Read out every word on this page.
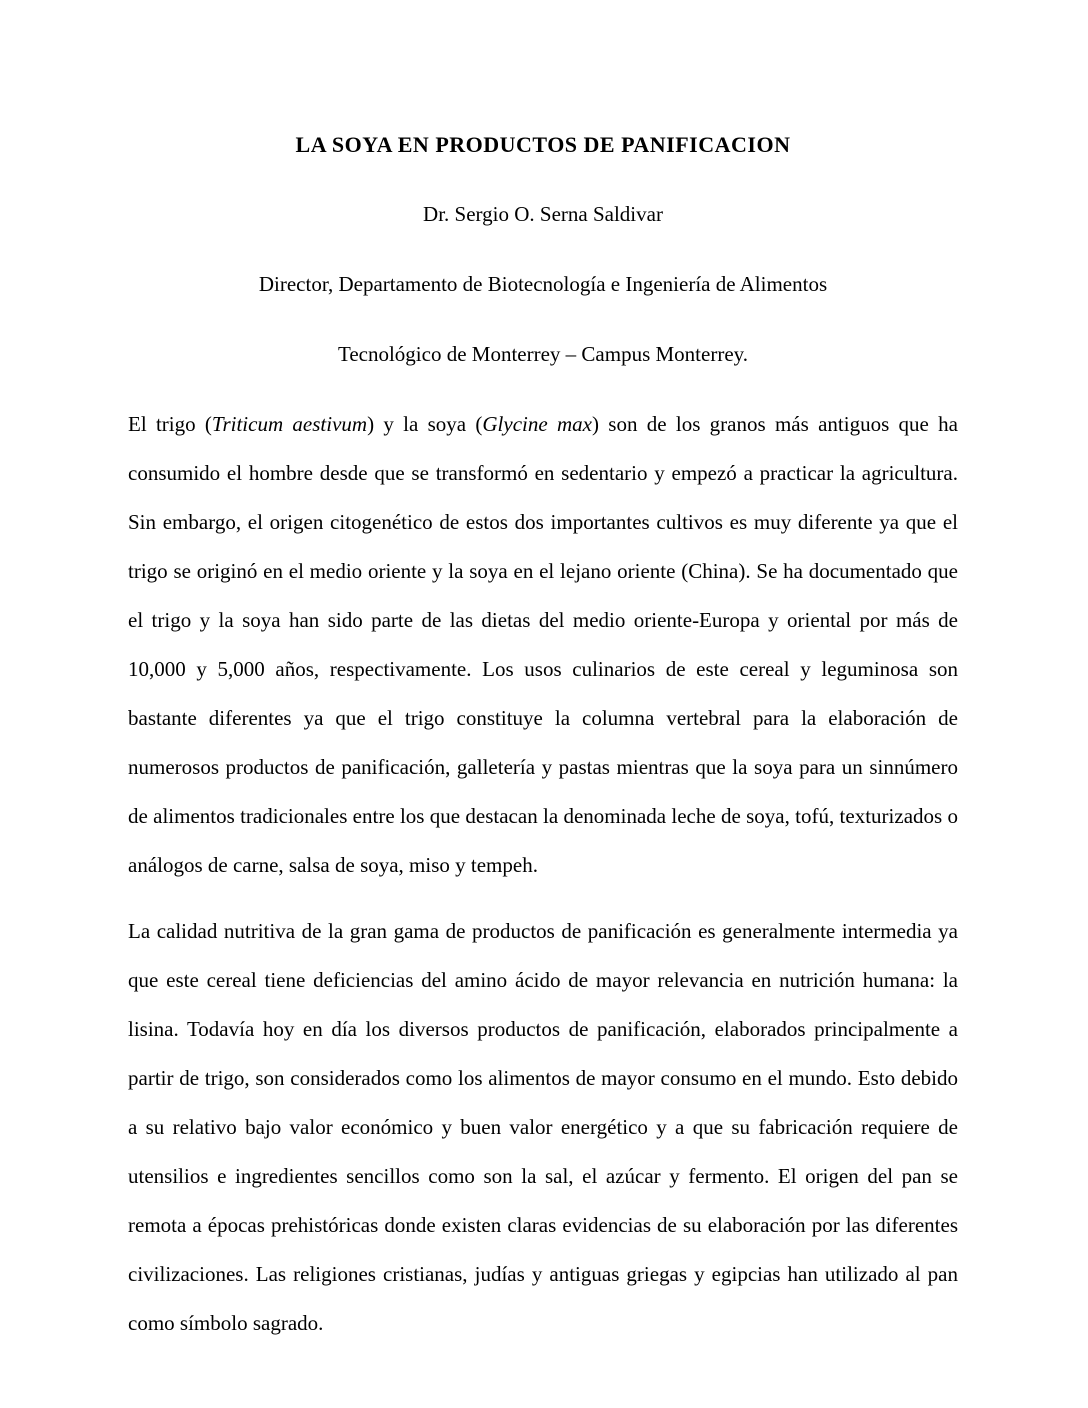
LA SOYA EN PRODUCTOS DE PANIFICACION

Dr. Sergio O. Serna Saldivar

Director, Departamento de Biotecnología e Ingeniería de Alimentos

Tecnológico de Monterrey – Campus Monterrey.

El trigo (Triticum aestivum) y la soya (Glycine max) son de los granos más antiguos que ha consumido el hombre desde que se transformó en sedentario y empezó a practicar la agricultura. Sin embargo, el origen citogenético de estos dos importantes cultivos es muy diferente ya que el trigo se originó en el medio oriente y la soya en el lejano oriente (China). Se ha documentado que el trigo y la soya han sido parte de las dietas del medio oriente-Europa y oriental por más de 10,000 y 5,000 años, respectivamente. Los usos culinarios de este cereal y leguminosa son bastante diferentes ya que el trigo constituye la columna vertebral para la elaboración de numerosos productos de panificación, galletería y pastas mientras que la soya para un sinnúmero de alimentos tradicionales entre los que destacan la denominada leche de soya, tofú, texturizados o análogos de carne, salsa de soya, miso y tempeh.

La calidad nutritiva de la gran gama de productos de panificación es generalmente intermedia ya que este cereal tiene deficiencias del amino ácido de mayor relevancia en nutrición humana: la lisina. Todavía hoy en día los diversos productos de panificación, elaborados principalmente a partir de trigo, son considerados como los alimentos de mayor consumo en el mundo. Esto debido a su relativo bajo valor económico y buen valor energético y a que su fabricación requiere de utensilios e ingredientes sencillos como son la sal, el azúcar y fermento. El origen del pan se remota a épocas prehistóricas donde existen claras evidencias de su elaboración por las diferentes civilizaciones. Las religiones cristianas, judías y antiguas griegas y egipcias han utilizado al pan como símbolo sagrado.
